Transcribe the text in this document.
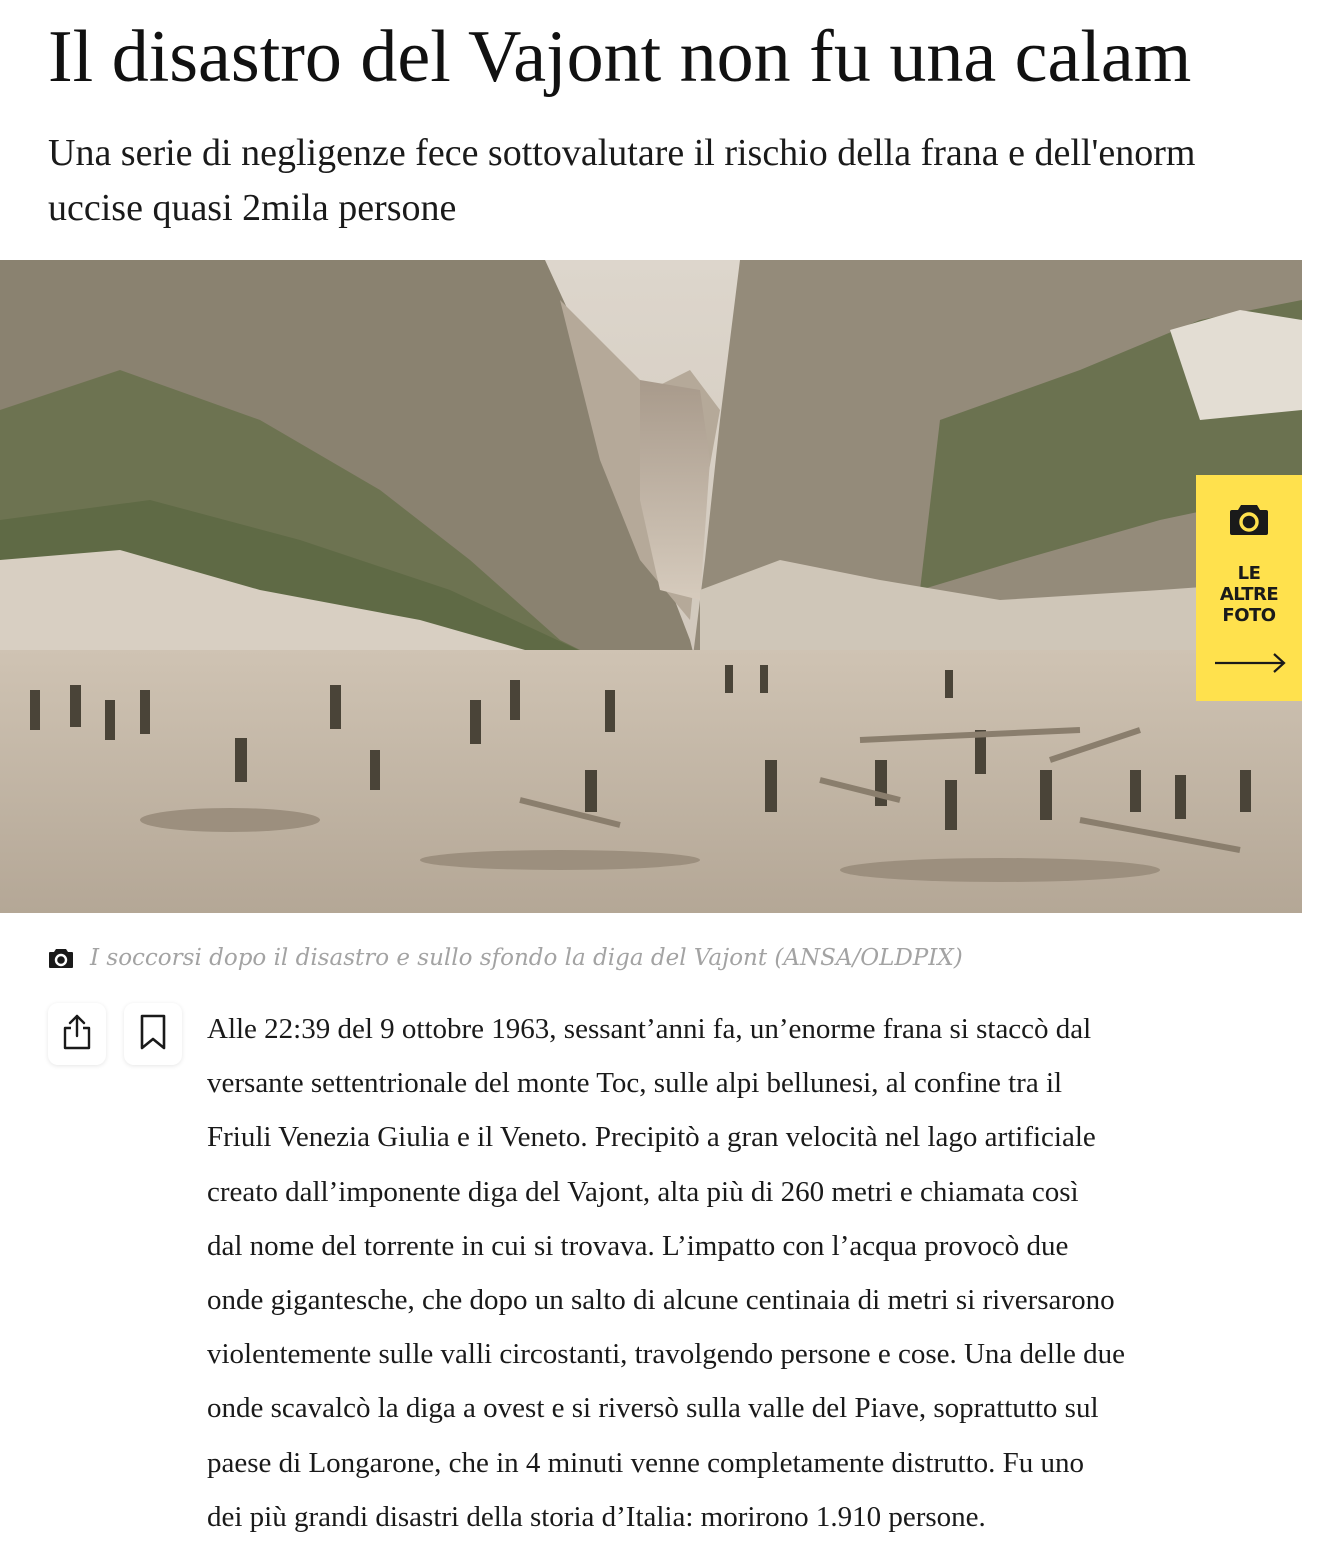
Il disastro del Vajont non fu una calam
Una serie di negligenze fece sottovalutare il rischio della frana e dell'enorm
uccise quasi 2mila persone
LE
ALTRE
FOTO
I soccorsi dopo il disastro e sullo sfondo la diga del Vajont (ANSA/OLDPIX)

Alle 22:39 del 9 ottobre 1963, sessant’anni fa, un’enorme frana si staccò dal
versante settentrionale del monte Toc, sulle alpi bellunesi, al confine tra il
Friuli Venezia Giulia e il Veneto. Precipitò a gran velocità nel lago artificiale
creato dall’imponente diga del Vajont, alta più di 260 metri e chiamata così
dal nome del torrente in cui si trovava. L’impatto con l’acqua provocò due
onde gigantesche, che dopo un salto di alcune centinaia di metri si riversarono
violentemente sulle valli circostanti, travolgendo persone e cose. Una delle due
onde scavalcò la diga a ovest e si riversò sulla valle del Piave, soprattutto sul
paese di Longarone, che in 4 minuti venne completamente distrutto. Fu uno
dei più grandi disastri della storia d’Italia: morirono 1.910 persone.
